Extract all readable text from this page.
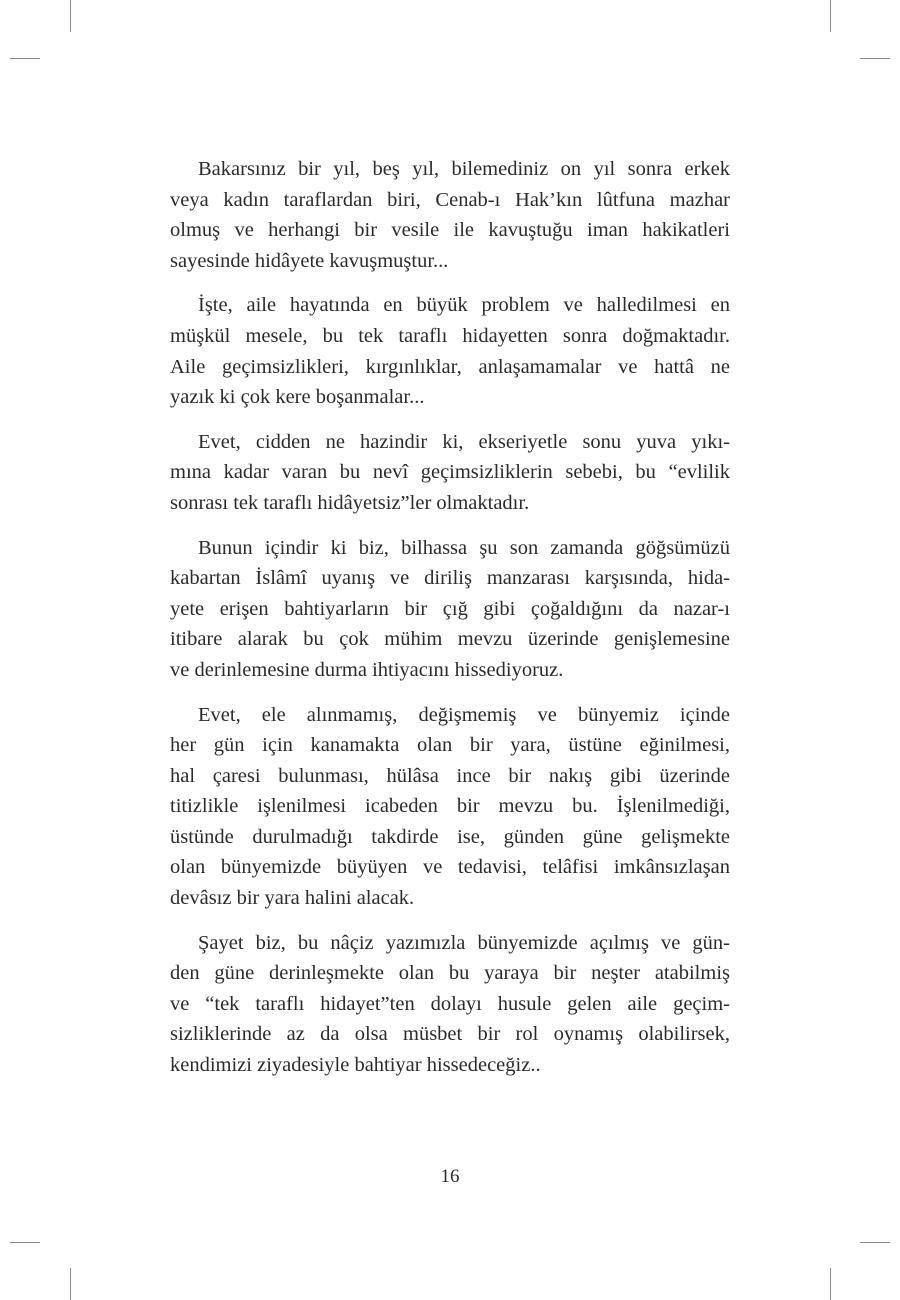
Bakarsınız bir yıl, beş yıl, bilemediniz on yıl sonra erkek
veya kadın taraflardan biri, Cenab-ı Hak’kın lûtfuna mazhar
olmuş ve herhangi bir vesile ile kavuştuğu iman hakikatleri
sayesinde hidâyete kavuşmuştur...

İşte, aile hayatında en büyük problem ve halledilmesi en
müşkül mesele, bu tek taraflı hidayetten sonra doğmaktadır.
Aile geçimsizlikleri, kırgınlıklar, anlaşamamalar ve hattâ ne
yazık ki çok kere boşanmalar...

Evet, cidden ne hazindir ki, ekseriyetle sonu yuva yıkı-
mına kadar varan bu nevî geçimsizliklerin sebebi, bu “evlilik
sonrası tek taraflı hidâyetsiz”ler olmaktadır.

Bunun içindir ki biz, bilhassa şu son zamanda göğsümüzü
kabartan İslâmî uyanış ve diriliş manzarası karşısında, hida-
yete erişen bahtiyarların bir çığ gibi çoğaldığını da nazar-ı
itibare alarak bu çok mühim mevzu üzerinde genişlemesine
ve derinlemesine durma ihtiyacını hissediyoruz.

Evet, ele alınmamış, değişmemiş ve bünyemiz içinde
her gün için kanamakta olan bir yara, üstüne eğinilmesi,
hal çaresi bulunması, hülâsa ince bir nakış gibi üzerinde
titizlikle işlenilmesi icabeden bir mevzu bu. İşlenilmediği,
üstünde durulmadığı takdirde ise, günden güne gelişmekte
olan bünyemizde büyüyen ve tedavisi, telâfisi imkânsızlaşan
devâsız bir yara halini alacak.

Şayet biz, bu nâçiz yazımızla bünyemizde açılmış ve gün-
den güne derinleşmekte olan bu yaraya bir neşter atabilmiş
ve “tek taraflı hidayet”ten dolayı husule gelen aile geçim-
sizliklerinde az da olsa müsbet bir rol oynamış olabilirsek,
kendimizi ziyadesiyle bahtiyar hissedeceğiz..

16
